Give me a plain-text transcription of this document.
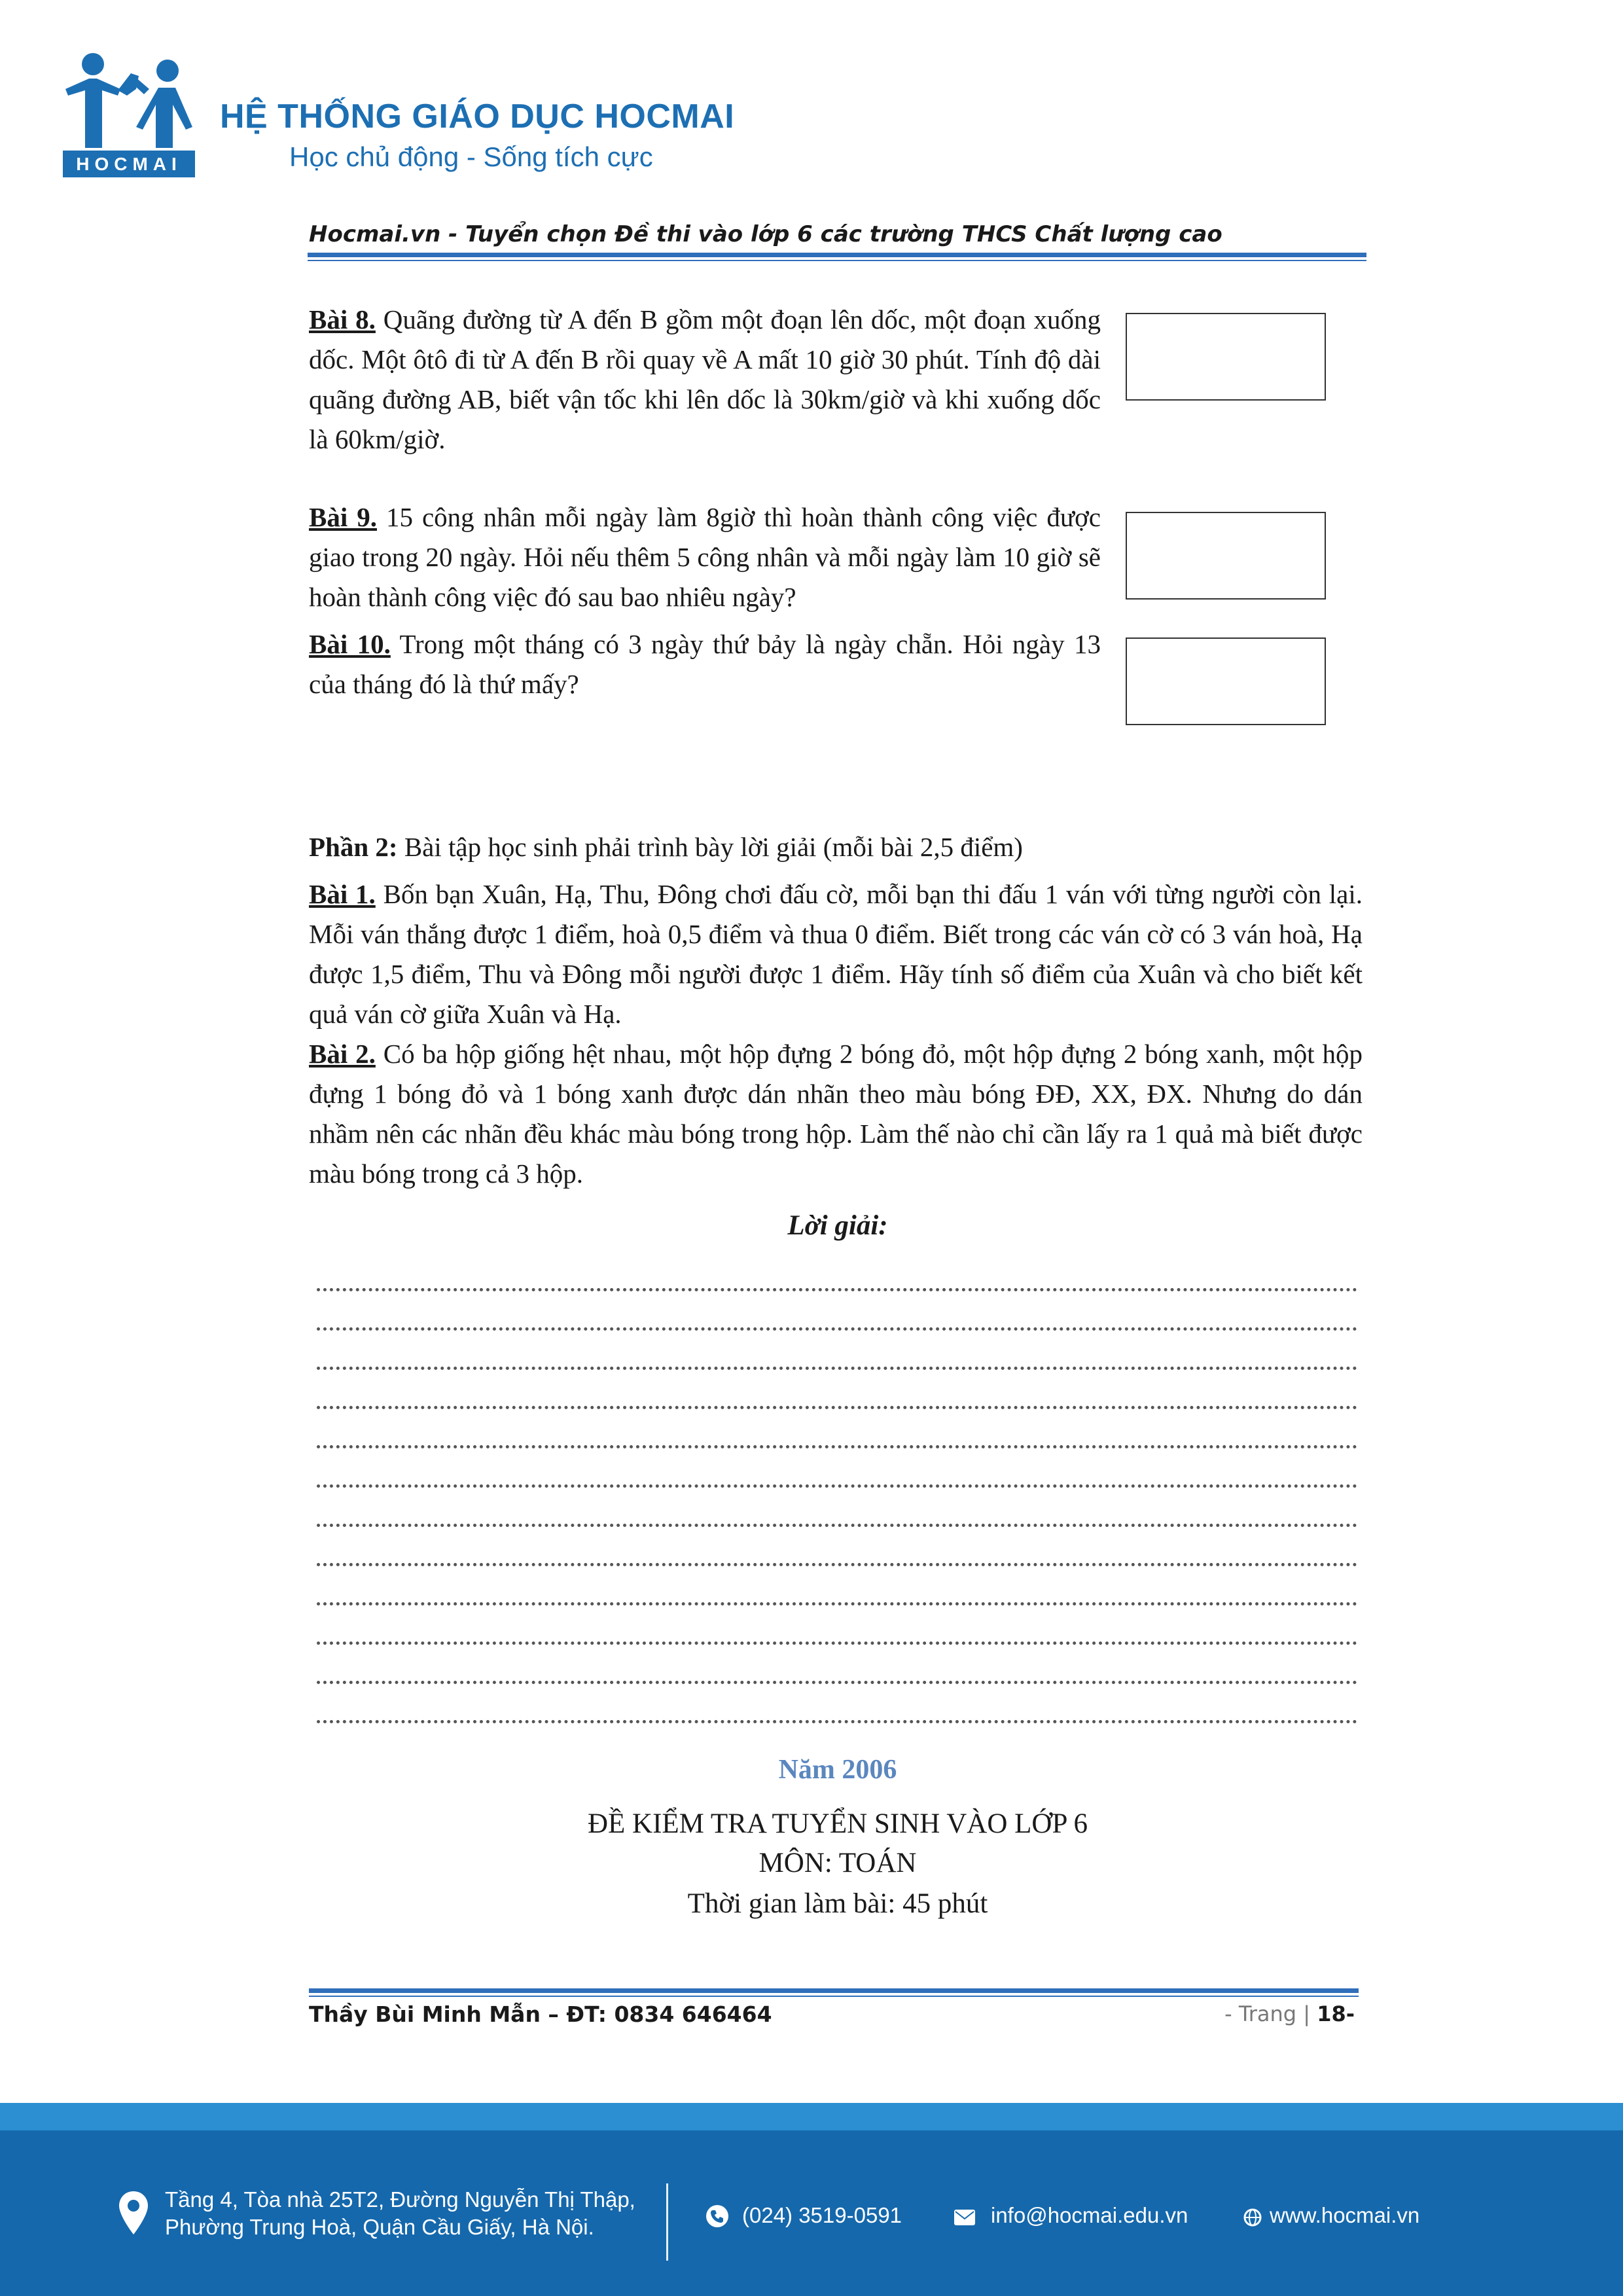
HOCMAI
HỆ THỐNG GIÁO DỤC HOCMAI

Học chủ động - Sống tích cực

Hocmai.vn - Tuyển chọn Đề thi vào lớp 6 các trường THCS Chất lượng cao

Bài 8. Quãng đường từ A đến B gồm một đoạn lên dốc, một đoạn xuống dốc. Một ôtô đi từ A đến B rồi quay về A mất 10 giờ 30 phút. Tính độ dài quãng đường AB, biết vận tốc khi lên dốc là 30km/giờ và khi xuống dốc là 60km/giờ.

Bài 9. 15 công nhân mỗi ngày làm 8giờ thì hoàn thành công việc được giao trong 20 ngày. Hỏi nếu thêm 5 công nhân và mỗi ngày làm 10 giờ sẽ hoàn thành công việc đó sau bao nhiêu ngày?

Bài 10. Trong một tháng có 3 ngày thứ bảy là ngày chẵn. Hỏi ngày 13 của tháng đó là thứ mấy?

Phần 2: Bài tập học sinh phải trình bày lời giải (mỗi bài 2,5 điểm)

Bài 1. Bốn bạn Xuân, Hạ, Thu, Đông chơi đấu cờ, mỗi bạn thi đấu 1 ván với từng người còn lại. Mỗi ván thắng được 1 điểm, hoà 0,5 điểm và thua 0 điểm. Biết trong các ván cờ có 3 ván hoà, Hạ được 1,5 điểm, Thu và Đông mỗi người được 1 điểm. Hãy tính số điểm của Xuân và cho biết kết quả ván cờ giữa Xuân và Hạ.

Bài 2. Có ba hộp giống hệt nhau, một hộp đựng 2 bóng đỏ, một hộp đựng 2 bóng xanh, một hộp đựng 1 bóng đỏ và 1 bóng xanh được dán nhãn theo màu bóng ĐĐ, XX, ĐX. Nhưng do dán nhầm nên các nhãn đều khác màu bóng trong hộp. Làm thế nào chỉ cần lấy ra 1 quả mà biết được màu bóng trong cả 3 hộp.

Lời giải:

Năm 2006

ĐỀ KIỂM TRA TUYỂN SINH VÀO LỚP 6

MÔN: TOÁN

Thời gian làm bài: 45 phút

Thầy Bùi Minh Mẫn – ĐT: 0834 646464	- Trang | 18-

Tầng 4, Tòa nhà 25T2, Đường Nguyễn Thị Thập,
Phường Trung Hoà, Quận Cầu Giấy, Hà Nội.	(024) 3519-0591	info@hocmai.edu.vn	www.hocmai.vn
